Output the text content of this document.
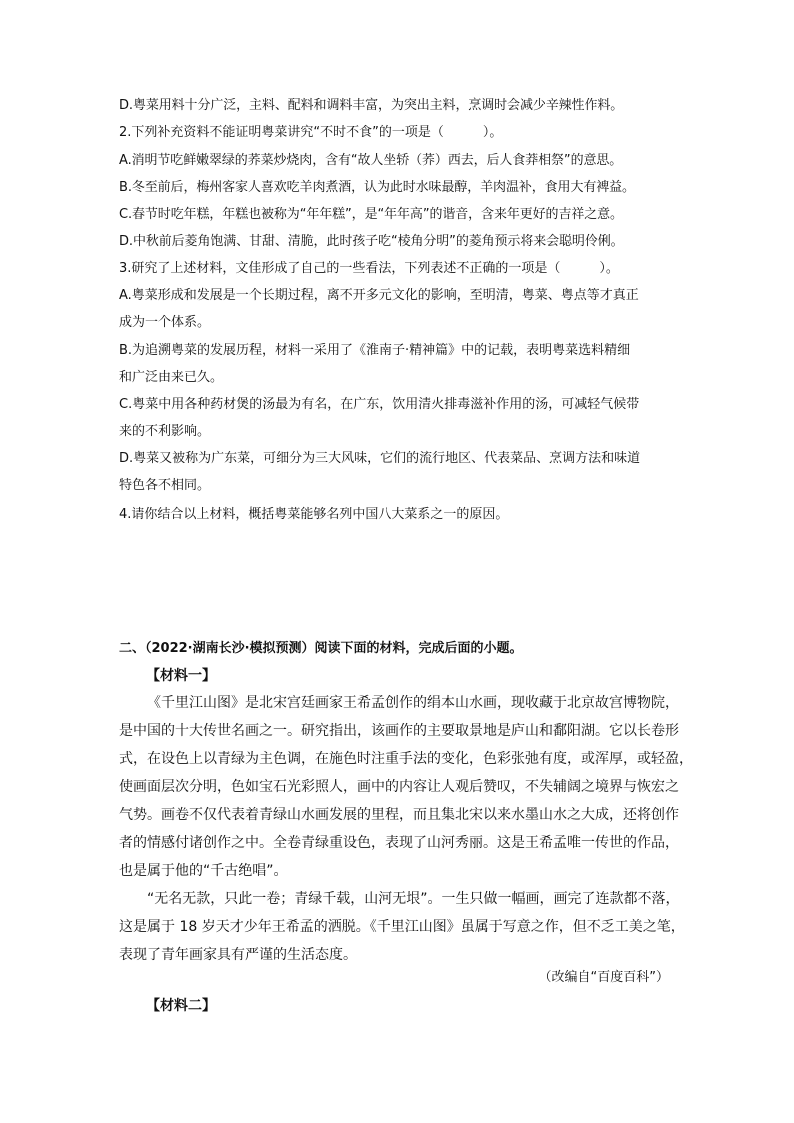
D.粤菜用料十分广泛，主料、配料和调料丰富，为突出主料，烹调时会减少辛辣性作料。
2.下列补充资料不能证明粤菜讲究“不时不食”的一项是（　　　）。
A.消明节吃鲜嫩翠绿的荞菜炒烧肉，含有“故人坐轿（荞）西去，后人食莽相祭”的意思。
B.冬至前后，梅州客家人喜欢吃羊肉煮酒，认为此时水味最醇，羊肉温补，食用大有裨益。
C.春节时吃年糕，年糕也被称为“年年糕”，是“年年高”的谐音，含来年更好的吉祥之意。
D.中秋前后菱角饱满、甘甜、清脆，此时孩子吃“棱角分明”的菱角预示将来会聪明伶俐。
3.研究了上述材料，文佳形成了自己的一些看法，下列表述不正确的一项是（　　　）。
A.粤菜形成和发展是一个长期过程，离不开多元文化的影响，至明清，粤菜、粤点等才真正
成为一个体系。
B.为追溯粤菜的发展历程，材料一采用了《淮南子·精神篇》中的记载，表明粤菜选料精细
和广泛由来已久。
C.粤菜中用各种药材煲的汤最为有名，在广东，饮用清火排毒滋补作用的汤，可减轻气候带
来的不利影响。
D.粤菜又被称为广东菜，可细分为三大风味，它们的流行地区、代表菜品、烹调方法和味道
特色各不相同。
4.请你结合以上材料，概括粤菜能够名列中国八大菜系之一的原因。
二、（2022·湖南长沙·模拟预测）阅读下面的材料，完成后面的小题。
【材料一】
《千里江山图》是北宋宫廷画家王希孟创作的绢本山水画，现收藏于北京故宫博物院，
是中国的十大传世名画之一。研究指出，该画作的主要取景地是庐山和鄱阳湖。它以长卷形
式，在设色上以青绿为主色调，在施色时注重手法的变化，色彩张弛有度，或浑厚，或轻盈，
使画面层次分明，色如宝石光彩照人，画中的内容让人观后赞叹，不失辅阔之境界与恢宏之
气势。画卷不仅代表着青绿山水画发展的里程，而且集北宋以来水墨山水之大成，还将创作
者的情感付诸创作之中。全卷青绿重设色，表现了山河秀丽。这是王希孟唯一传世的作品，
也是属于他的“千古绝唱”。
“无名无款，只此一卷；青绿千载，山河无垠”。一生只做一幅画，画完了连款都不落，
这是属于 18 岁天才少年王希孟的洒脱。《千里江山图》虽属于写意之作，但不乏工美之笔，
表现了青年画家具有严谨的生活态度。
（改编自“百度百科”）
【材料二】
